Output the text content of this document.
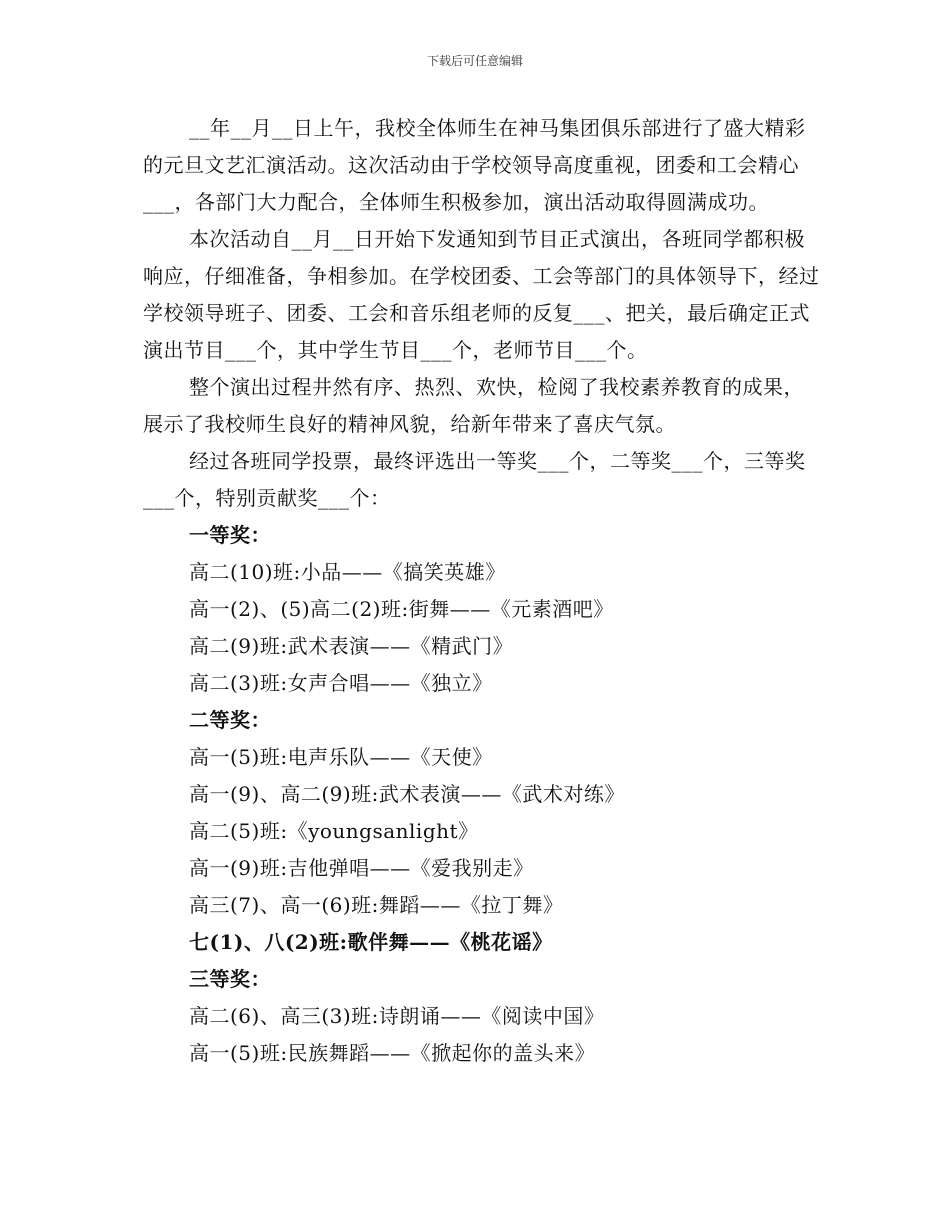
下载后可任意编辑

__年__月__日上午，我校全体师生在神马集团俱乐部进行了盛大精彩的元旦文艺汇演活动。这次活动由于学校领导高度重视，团委和工会精心___，各部门大力配合，全体师生积极参加，演出活动取得圆满成功。

本次活动自__月__日开始下发通知到节目正式演出，各班同学都积极响应，仔细准备，争相参加。在学校团委、工会等部门的具体领导下，经过学校领导班子、团委、工会和音乐组老师的反复___、把关，最后确定正式演出节目___个，其中学生节目___个，老师节目___个。

整个演出过程井然有序、热烈、欢快，检阅了我校素养教育的成果，展示了我校师生良好的精神风貌，给新年带来了喜庆气氛。

经过各班同学投票，最终评选出一等奖___个，二等奖___个，三等奖___个，特别贡献奖___个：

一等奖：

高二(10)班:小品——《搞笑英雄》

高一(2)、(5)高二(2)班:街舞——《元素酒吧》

高二(9)班:武术表演——《精武门》

高二(3)班:女声合唱——《独立》

二等奖：

高一(5)班:电声乐队——《天使》

高一(9)、高二(9)班:武术表演——《武术对练》

高二(5)班:《youngsanlight》

高一(9)班:吉他弹唱——《爱我别走》

高三(7)、高一(6)班:舞蹈——《拉丁舞》

七(1)、八(2)班:歌伴舞——《桃花谣》

三等奖：

高二(6)、高三(3)班:诗朗诵——《阅读中国》

高一(5)班:民族舞蹈——《掀起你的盖头来》
